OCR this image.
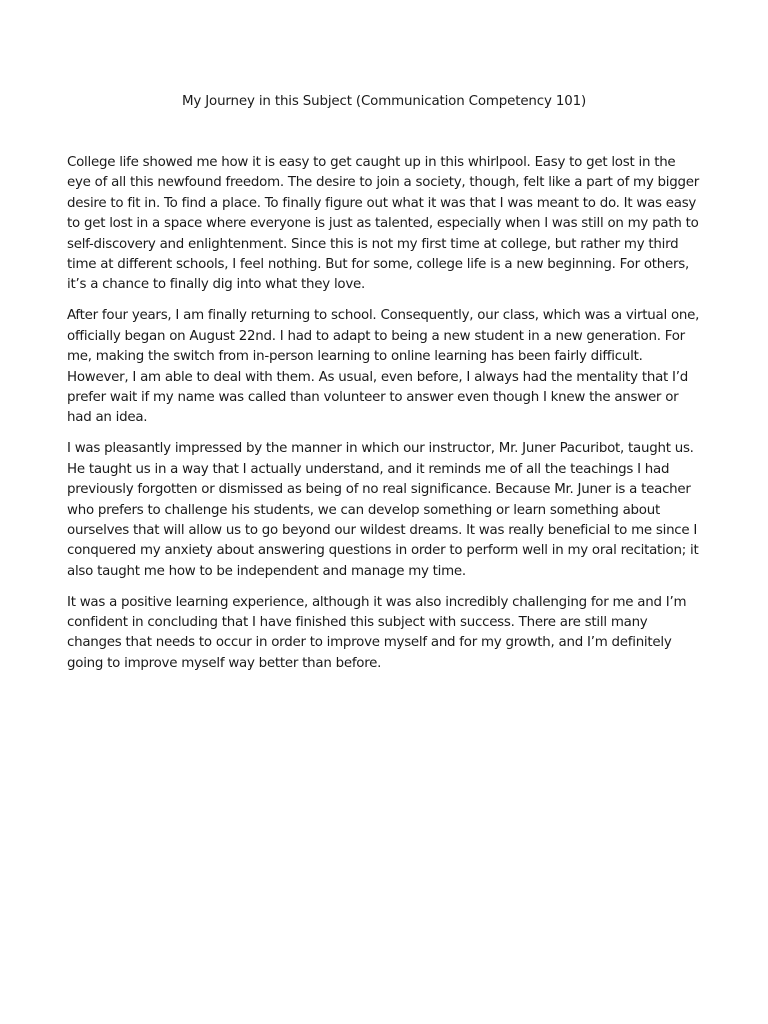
My Journey in this Subject (Communication Competency 101)

College life showed me how it is easy to get caught up in this whirlpool. Easy to get lost in the eye of all this newfound freedom. The desire to join a society, though, felt like a part of my bigger desire to fit in. To find a place. To finally figure out what it was that I was meant to do. It was easy to get lost in a space where everyone is just as talented, especially when I was still on my path to self-discovery and enlightenment. Since this is not my first time at college, but rather my third time at different schools, I feel nothing. But for some, college life is a new beginning. For others, it’s a chance to finally dig into what they love.

After four years, I am finally returning to school. Consequently, our class, which was a virtual one, officially began on August 22nd. I had to adapt to being a new student in a new generation. For me, making the switch from in-person learning to online learning has been fairly difficult. However, I am able to deal with them. As usual, even before, I always had the mentality that I’d prefer wait if my name was called than volunteer to answer even though I knew the answer or had an idea.

I was pleasantly impressed by the manner in which our instructor, Mr. Juner Pacuribot, taught us. He taught us in a way that I actually understand, and it reminds me of all the teachings I had previously forgotten or dismissed as being of no real significance. Because Mr. Juner is a teacher who prefers to challenge his students, we can develop something or learn something about ourselves that will allow us to go beyond our wildest dreams. It was really beneficial to me since I conquered my anxiety about answering questions in order to perform well in my oral recitation; it also taught me how to be independent and manage my time.

It was a positive learning experience, although it was also incredibly challenging for me and I’m confident in concluding that I have finished this subject with success. There are still many changes that needs to occur in order to improve myself and for my growth, and I’m definitely going to improve myself way better than before.
